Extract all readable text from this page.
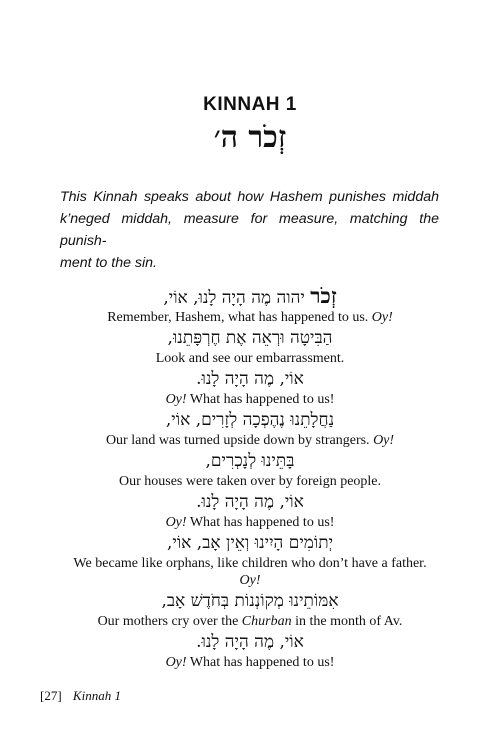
KINNAH 1
זְכֹר ה׳
This Kinnah speaks about how Hashem punishes middah
k’neged middah, measure for measure, matching the punish-
ment to the sin.
זְכֹר יהוה מֶה הָיָה לָנוּ, אוֹי,
Remember, Hashem, what has happened to us. Oy!
הַבִּיטָה וּרְאֵה אֶת חֶרְפָּתֵנוּ,
Look and see our embarrassment.
אוֹי, מֶה הָיָה לָנוּ.
Oy! What has happened to us!
נַחֲלָתֵנוּ נֶהֶפְכָה לְזָרִים, אוֹי,
Our land was turned upside down by strangers. Oy!
בָּתֵּינוּ לְנָכְרִים,
Our houses were taken over by foreign people.
אוֹי, מֶה הָיָה לָנוּ.
Oy! What has happened to us!
יְתוֹמִים הָיִינוּ וְאֵין אָב, אוֹי,
We became like orphans, like children who don’t have a father.
Oy!
אִמּוֹתֵינוּ מְקוֹנְנוֹת בְּחֹדֶשׁ אָב,
Our mothers cry over the Churban in the month of Av.
אוֹי, מֶה הָיָה לָנוּ.
Oy! What has happened to us!
[27] Kinnah 1
